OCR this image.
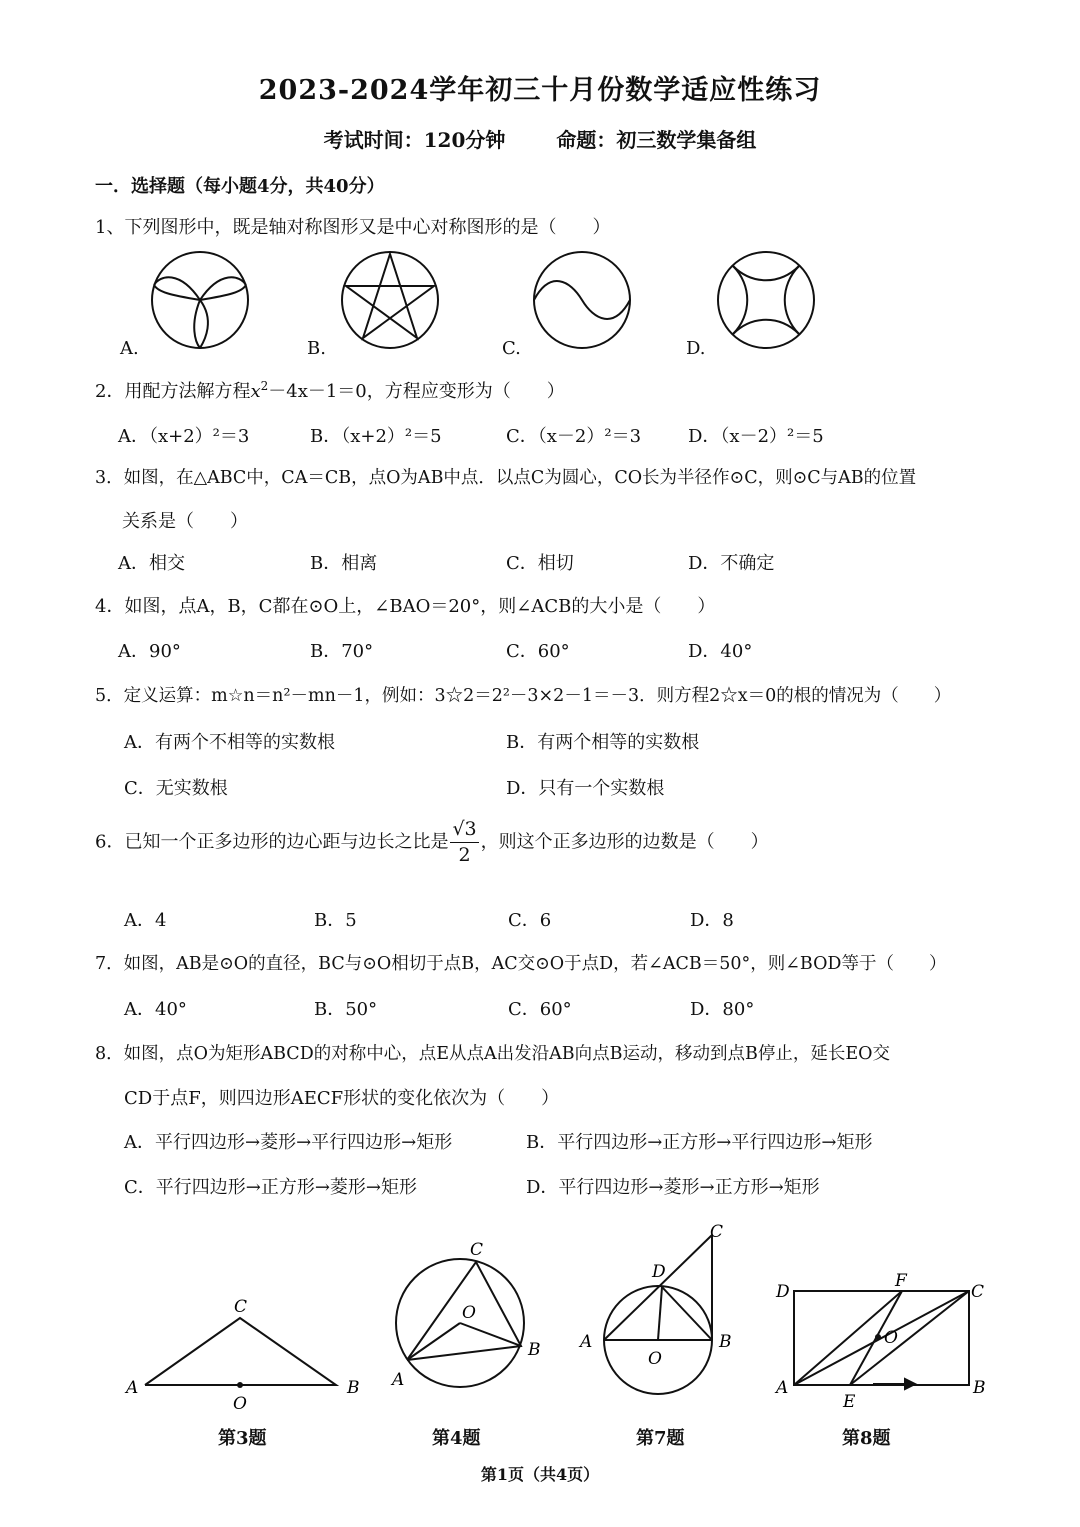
2023-2024学年初三十月份数学适应性练习
考试时间：120分钟	命题：初三数学集备组
一．选择题（每小题4分，共40分）
1、下列图形中，既是轴对称图形又是中心对称图形的是（　　）
A.	B.	C.	D.
2．用配方法解方程$x^2-4x-1=0$，方程应变形为（　　）
A．（x+2）²＝3	B．（x+2）²＝5	C．（x－2）²＝3	D．（x－2）²＝5
3．如图，在△ABC中，CA＝CB，点O为AB中点．以点C为圆心，CO长为半径作⊙C，则⊙C与AB的位置
关系是（　　）
A．相交	B．相离	C．相切	D．不确定
4．如图，点A，B，C都在⊙O上，∠BAO＝20°，则∠ACB的大小是（　　）
A．90°	B．70°	C．60°	D．40°
5．定义运算：m☆n＝n²－mn－1，例如：3☆2＝2²－3×2－1＝－3．则方程2☆x＝0的根的情况为（　　）
A．有两个不相等的实数根	B．有两个相等的实数根
C．无实数根	D．只有一个实数根
6．已知一个正多边形的边心距与边长之比是 $\frac{√3}{2}$ ，则这个正多边形的边数是（　　）
A．4	B．5	C．6	D．8
7．如图，AB是⊙O的直径，BC与⊙O相切于点B，AC交⊙O于点D，若∠ACB＝50°，则∠BOD等于（　　）
A．40°	B．50°	C．60°	D．80°
8．如图，点O为矩形ABCD的对称中心，点E从点A出发沿AB向点B运动，移动到点B停止，延长EO交
CD于点F，则四边形AECF形状的变化依次为（　　）
A．平行四边形→菱形→平行四边形→矩形	B．平行四边形→正方形→平行四边形→矩形
C．平行四边形→正方形→菱形→矩形	D．平行四边形→菱形→正方形→矩形
A	B
C
O
A
B
C
O
A	B
C
D
O
A	B
C
D
E
F
O
第3题	第4题	第7题	第8题
第1页（共4页）
